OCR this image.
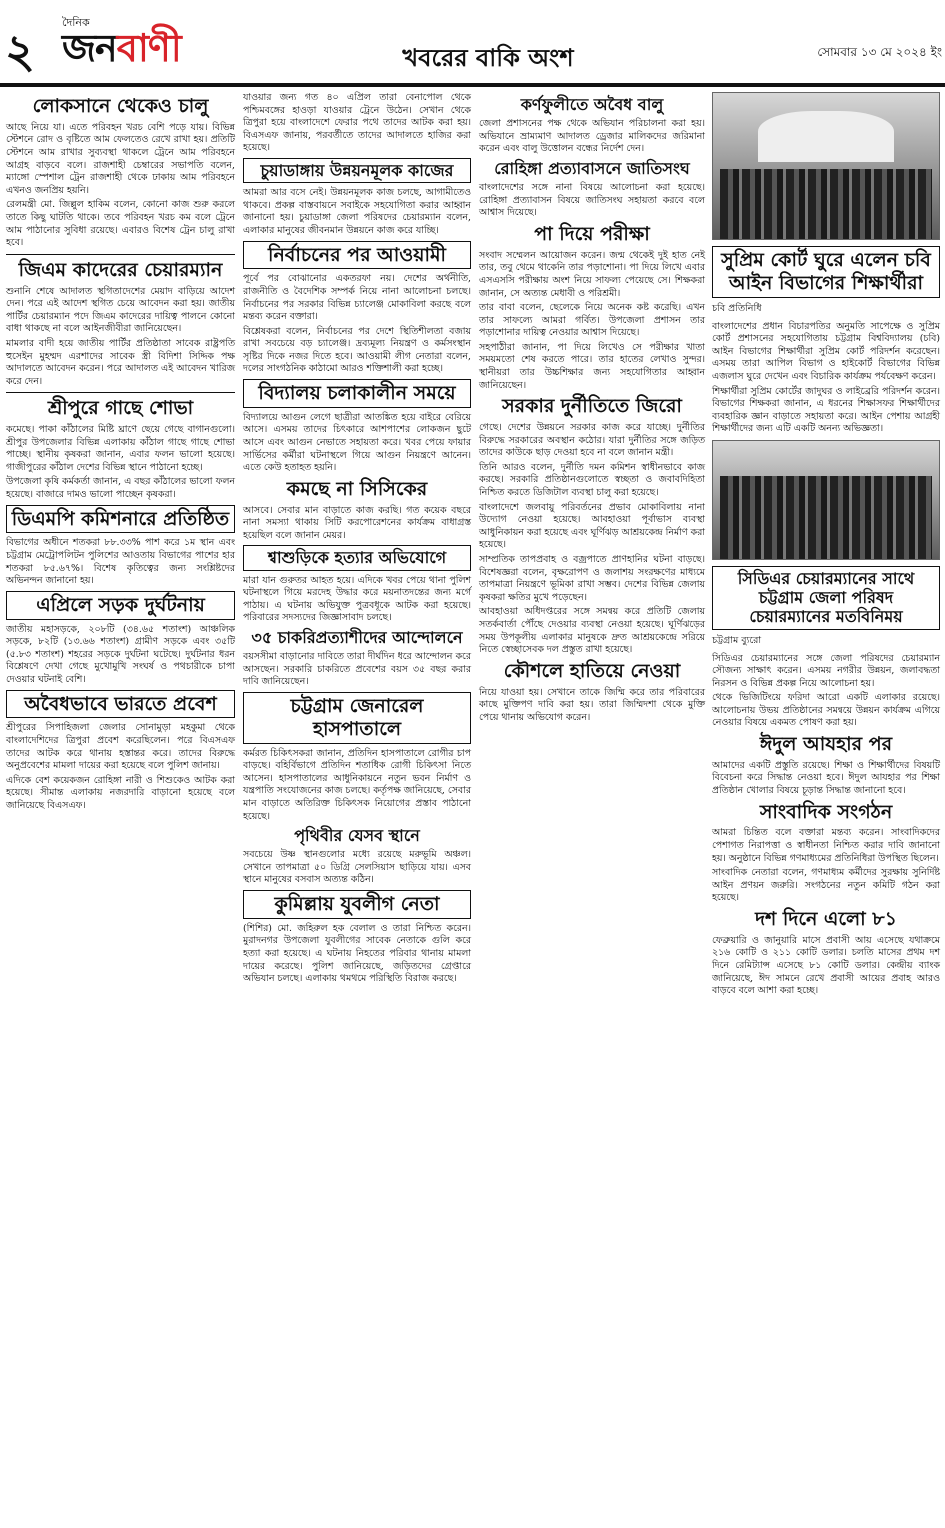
২
দৈনিক
জনবাণী	খবরের বাকি অংশ	সোমবার ১৩ মে ২০২৪ ইং
লোকসানে থেকেও চালু
আছে নিয়ে যা। এতে পরিবহন খরচ বেশি পড়ে যায়। বিভিন্ন স্টেশনে রোদ ও বৃষ্টিতে আম ফেলতেও রেখে রাখা হয়। প্রতিটি স্টেশনে আম রাখার সুব্যবস্থা থাকলে ট্রেনে আম পরিবহনে আগ্রহ বাড়বে বলে। রাজশাহী চেম্বারের সভাপতি বলেন, ম্যাঙ্গো স্পেশাল ট্রেন রাজশাহী থেকে ঢাকায় আম পরিবহনে এখনও জনপ্রিয় হয়নি।
রেলমন্ত্রী মো. জিল্লুল হাকিম বলেন, কোনো কাজ শুরু করলে তাতে কিছু ঘাটতি থাকে। তবে পরিবহন খরচ কম বলে ট্রেনে আম পাঠানোর সুবিধা রয়েছে। এবারও বিশেষ ট্রেন চালু রাখা হবে।
জিএম কাদেরের চেয়ারম্যান
শুনানি শেষে আদালত স্থগিতাদেশের মেয়াদ বাড়িয়ে আদেশ দেন। পরে এই আদেশ স্থগিত চেয়ে আবেদন করা হয়। জাতীয় পার্টির চেয়ারম্যান পদে জিএম কাদেরের দায়িত্ব পালনে কোনো বাধা থাকছে না বলে আইনজীবীরা জানিয়েছেন।
মামলার বাদী হয়ে জাতীয় পার্টির প্রতিষ্ঠাতা সাবেক রাষ্ট্রপতি হুসেইন মুহম্মদ এরশাদের সাবেক স্ত্রী বিদিশা সিদ্দিক পক্ষ আদালতে আবেদন করেন। পরে আদালত এই আবেদন খারিজ করে দেন।
শ্রীপুরে গাছে শোভা
কমেছে। পাকা কাঁঠালের মিষ্টি ঘ্রাণে ছেয়ে গেছে বাগানগুলো। শ্রীপুর উপজেলার বিভিন্ন এলাকায় কাঁঠাল গাছে গাছে শোভা পাচ্ছে। স্থানীয় কৃষকরা জানান, এবার ফলন ভালো হয়েছে। গাজীপুরের কাঁঠাল দেশের বিভিন্ন স্থানে পাঠানো হচ্ছে।
উপজেলা কৃষি কর্মকর্তা জানান, এ বছর কাঁঠালের ভালো ফলন হয়েছে। বাজারে দামও ভালো পাচ্ছেন কৃষকরা।
ডিএমপি কমিশনারে প্রতিষ্ঠিত
বিভাগের অধীনে শতকরা ৮৮.৩৩% পাশ করে ১ম স্থান এবং চট্টগ্রাম মেট্রোপলিটন পুলিশের আওতায় বিভাগের পাশের হার শতকরা ৮৫.৬৭%। বিশেষ কৃতিত্বের জন্য সংশ্লিষ্টদের অভিনন্দন জানানো হয়।
এপ্রিলে সড়ক দুর্ঘটনায়
জাতীয় মহাসড়কে, ২০৮টি (৩৪.৬৫ শতাংশ) আঞ্চলিক সড়কে, ৮২টি (১৩.৬৬ শতাংশ) গ্রামীণ সড়কে এবং ৩৫টি (৫.৮৩ শতাংশ) শহরের সড়কে দুর্ঘটনা ঘটেছে। দুর্ঘটনার ধরন বিশ্লেষণে দেখা গেছে মুখোমুখি সংঘর্ষ ও পথচারীকে চাপা দেওয়ার ঘটনাই বেশি।
অবৈধভাবে ভারতে প্রবেশ
শ্রীপুরের সিপাহিজলা জেলার সোনামুড়া মহকুমা থেকে বাংলাদেশিদের ত্রিপুরা প্রবেশ করেছিলেন। পরে বিএসএফ তাদের আটক করে থানায় হস্তান্তর করে। তাদের বিরুদ্ধে অনুপ্রবেশের মামলা দায়ের করা হয়েছে বলে পুলিশ জানায়।
এদিকে বেশ কয়েকজন রোহিঙ্গা নারী ও শিশুকেও আটক করা হয়েছে। সীমান্ত এলাকায় নজরদারি বাড়ানো হয়েছে বলে জানিয়েছে বিএসএফ।
যাওয়ার জন্য গত ৪০ এপ্রিল তারা বেনাপোল থেকে পশ্চিমবঙ্গের হাওড়া যাওয়ার ট্রেনে উঠেন। সেখান থেকে ত্রিপুরা হয়ে বাংলাদেশে ফেরার পথে তাদের আটক করা হয়। বিএসএফ জানায়, পরবর্তীতে তাদের আদালতে হাজির করা হয়েছে।
চুয়াডাঙ্গায় উন্নয়নমূলক কাজের
আমরা আর বসে নেই। উন্নয়নমূলক কাজ চলছে, আগামীতেও থাকবে। প্রকল্প বাস্তবায়নে সবাইকে সহযোগিতা করার আহ্বান জানানো হয়। চুয়াডাঙ্গা জেলা পরিষদের চেয়ারম্যান বলেন, এলাকার মানুষের জীবনমান উন্নয়নে কাজ করে যাচ্ছি।
নির্বাচনের পর আওয়ামী
পূর্বে পর বোঝানোর একতরফা নয়। দেশের অর্থনীতি, রাজনীতি ও বৈদেশিক সম্পর্ক নিয়ে নানা আলোচনা চলছে। নির্বাচনের পর সরকার বিভিন্ন চ্যালেঞ্জ মোকাবিলা করছে বলে মন্তব্য করেন বক্তারা।
বিশ্লেষকরা বলেন, নির্বাচনের পর দেশে স্থিতিশীলতা বজায় রাখা সবচেয়ে বড় চ্যালেঞ্জ। দ্রব্যমূল্য নিয়ন্ত্রণ ও কর্মসংস্থান সৃষ্টির দিকে নজর দিতে হবে। আওয়ামী লীগ নেতারা বলেন, দলের সাংগঠনিক কাঠামো আরও শক্তিশালী করা হচ্ছে।
বিদ্যালয় চলাকালীন সময়ে
বিদ্যালয়ে আগুন লেগে ছাত্রীরা আতঙ্কিত হয়ে বাইরে বেরিয়ে আসে। এসময় তাদের চিৎকারে আশপাশের লোকজন ছুটে আসে এবং আগুন নেভাতে সহায়তা করে। খবর পেয়ে ফায়ার সার্ভিসের কর্মীরা ঘটনাস্থলে গিয়ে আগুন নিয়ন্ত্রণে আনেন। এতে কেউ হতাহত হয়নি।
কমছে না সিসিকের
আসবে। সেবার মান বাড়াতে কাজ করছি। গত কয়েক বছরে নানা সমস্যা থাকায় সিটি করপোরেশনের কার্যক্রম বাধাগ্রস্ত হয়েছিল বলে জানান মেয়র।
শ্বাশুড়িকে হত্যার অভিযোগে
মারা যান গুরুতর আহত হয়ে। এদিকে খবর পেয়ে থানা পুলিশ ঘটনাস্থলে গিয়ে মরদেহ উদ্ধার করে ময়নাতদন্তের জন্য মর্গে পাঠায়। এ ঘটনায় অভিযুক্ত পুত্রবধূকে আটক করা হয়েছে। পরিবারের সদস্যদের জিজ্ঞাসাবাদ চলছে।
৩৫ চাকরিপ্রত্যাশীদের আন্দোলনে
বয়সসীমা বাড়ানোর দাবিতে তারা দীর্ঘদিন ধরে আন্দোলন করে আসছেন। সরকারি চাকরিতে প্রবেশের বয়স ৩৫ বছর করার দাবি জানিয়েছেন।
চট্টগ্রাম জেনারেল হাসপাতালে
কর্মরত চিকিৎসকরা জানান, প্রতিদিন হাসপাতালে রোগীর চাপ বাড়ছে। বহির্বিভাগে প্রতিদিন শতাধিক রোগী চিকিৎসা নিতে আসেন। হাসপাতালের আধুনিকায়নে নতুন ভবন নির্মাণ ও যন্ত্রপাতি সংযোজনের কাজ চলছে। কর্তৃপক্ষ জানিয়েছে, সেবার মান বাড়াতে অতিরিক্ত চিকিৎসক নিয়োগের প্রস্তাব পাঠানো হয়েছে।
পৃথিবীর যেসব স্থানে
সবচেয়ে উষ্ণ স্থানগুলোর মধ্যে রয়েছে মরুভূমি অঞ্চল। সেখানে তাপমাত্রা ৫০ ডিগ্রি সেলসিয়াস ছাড়িয়ে যায়। এসব স্থানে মানুষের বসবাস অত্যন্ত কঠিন।
কুমিল্লায় যুবলীগ নেতা
(শিশির) মো. জহিরুল হক বেলাল ও তারা নিশ্চিত করেন। মুরাদনগর উপজেলা যুবলীগের সাবেক নেতাকে গুলি করে হত্যা করা হয়েছে। এ ঘটনায় নিহতের পরিবার থানায় মামলা দায়ের করেছে। পুলিশ জানিয়েছে, জড়িতদের গ্রেপ্তারে অভিযান চলছে। এলাকায় থমথমে পরিস্থিতি বিরাজ করছে।
কর্ণফুলীতে অবৈধ বালু
জেলা প্রশাসনের পক্ষ থেকে অভিযান পরিচালনা করা হয়। অভিযানে ভ্রাম্যমাণ আদালত ড্রেজার মালিকদের জরিমানা করেন এবং বালু উত্তোলন বন্ধের নির্দেশ দেন।
রোহিঙ্গা প্রত্যাবাসনে জাতিসংঘ
বাংলাদেশের সঙ্গে নানা বিষয়ে আলোচনা করা হয়েছে। রোহিঙ্গা প্রত্যাবাসন বিষয়ে জাতিসংঘ সহায়তা করবে বলে আশ্বাস দিয়েছে।
পা দিয়ে পরীক্ষা
সংবাদ সম্মেলন আয়োজন করেন। জন্ম থেকেই দুই হাত নেই তার, তবু থেমে থাকেনি তার পড়াশোনা। পা দিয়ে লিখে এবার এসএসসি পরীক্ষায় অংশ নিয়ে সাফল্য পেয়েছে সে। শিক্ষকরা জানান, সে অত্যন্ত মেধাবী ও পরিশ্রমী।
তার বাবা বলেন, ছেলেকে নিয়ে অনেক কষ্ট করেছি। এখন তার সাফল্যে আমরা গর্বিত। উপজেলা প্রশাসন তার পড়াশোনার দায়িত্ব নেওয়ার আশ্বাস দিয়েছে।
সহপাঠীরা জানান, পা দিয়ে লিখেও সে পরীক্ষার খাতা সময়মতো শেষ করতে পারে। তার হাতের লেখাও সুন্দর। স্থানীয়রা তার উচ্চশিক্ষার জন্য সহযোগিতার আহ্বান জানিয়েছেন।
সরকার দুর্নীতিতে জিরো
গেছে। দেশের উন্নয়নে সরকার কাজ করে যাচ্ছে। দুর্নীতির বিরুদ্ধে সরকারের অবস্থান কঠোর। যারা দুর্নীতির সঙ্গে জড়িত তাদের কাউকে ছাড় দেওয়া হবে না বলে জানান মন্ত্রী।
তিনি আরও বলেন, দুর্নীতি দমন কমিশন স্বাধীনভাবে কাজ করছে। সরকারি প্রতিষ্ঠানগুলোতে স্বচ্ছতা ও জবাবদিহিতা নিশ্চিত করতে ডিজিটাল ব্যবস্থা চালু করা হয়েছে।
বাংলাদেশে জলবায়ু পরিবর্তনের প্রভাব মোকাবিলায় নানা উদ্যোগ নেওয়া হয়েছে। আবহাওয়া পূর্বাভাস ব্যবস্থা আধুনিকায়ন করা হয়েছে এবং ঘূর্ণিঝড় আশ্রয়কেন্দ্র নির্মাণ করা হয়েছে।
সাম্প্রতিক তাপপ্রবাহ ও বজ্রপাতে প্রাণহানির ঘটনা বাড়ছে। বিশেষজ্ঞরা বলেন, বৃক্ষরোপণ ও জলাশয় সংরক্ষণের মাধ্যমে তাপমাত্রা নিয়ন্ত্রণে ভূমিকা রাখা সম্ভব। দেশের বিভিন্ন জেলায় কৃষকরা ক্ষতির মুখে পড়েছেন।
আবহাওয়া অধিদপ্তরের সঙ্গে সমন্বয় করে প্রতিটি জেলায় সতর্কবার্তা পৌঁছে দেওয়ার ব্যবস্থা নেওয়া হয়েছে। ঘূর্ণিঝড়ের সময় উপকূলীয় এলাকার মানুষকে দ্রুত আশ্রয়কেন্দ্রে সরিয়ে নিতে স্বেচ্ছাসেবক দল প্রস্তুত রাখা হয়েছে।
কৌশলে হাতিয়ে নেওয়া
নিয়ে যাওয়া হয়। সেখানে তাকে জিম্মি করে তার পরিবারের কাছে মুক্তিপণ দাবি করা হয়। তারা জিম্মিদশা থেকে মুক্তি পেয়ে থানায় অভিযোগ করেন।
সুপ্রিম কোর্ট ঘুরে এলেন চবি আইন বিভাগের শিক্ষার্থীরা
চবি প্রতিনিধি
বাংলাদেশের প্রধান বিচারপতির অনুমতি সাপেক্ষে ও সুপ্রিম কোর্ট প্রশাসনের সহযোগিতায় চট্টগ্রাম বিশ্ববিদ্যালয় (চবি) আইন বিভাগের শিক্ষার্থীরা সুপ্রিম কোর্ট পরিদর্শন করেছেন। এসময় তারা আপিল বিভাগ ও হাইকোর্ট বিভাগের বিভিন্ন এজলাস ঘুরে দেখেন এবং বিচারিক কার্যক্রম পর্যবেক্ষণ করেন।
শিক্ষার্থীরা সুপ্রিম কোর্টের জাদুঘর ও লাইব্রেরি পরিদর্শন করেন। বিভাগের শিক্ষকরা জানান, এ ধরনের শিক্ষাসফর শিক্ষার্থীদের ব্যবহারিক জ্ঞান বাড়াতে সহায়তা করে। আইন পেশায় আগ্রহী শিক্ষার্থীদের জন্য এটি একটি অনন্য অভিজ্ঞতা।
সিডিএর চেয়ারম্যানের সাথে চট্টগ্রাম জেলা পরিষদ চেয়ারম্যানের মতবিনিময়
চট্টগ্রাম ব্যুরো
সিডিএর চেয়ারম্যানের সঙ্গে জেলা পরিষদের চেয়ারম্যান সৌজন্য সাক্ষাৎ করেন। এসময় নগরীর উন্নয়ন, জলাবদ্ধতা নিরসন ও বিভিন্ন প্রকল্প নিয়ে আলোচনা হয়।
থেকে ভিজিটিংয়ে ফরিদা আরো একটি এলাকার রয়েছে। আলোচনায় উভয় প্রতিষ্ঠানের সমন্বয়ে উন্নয়ন কার্যক্রম এগিয়ে নেওয়ার বিষয়ে একমত পোষণ করা হয়।
ঈদুল আযহার পর
আমাদের একটি প্রস্তুতি রয়েছে। শিক্ষা ও শিক্ষার্থীদের বিষয়টি বিবেচনা করে সিদ্ধান্ত নেওয়া হবে। ঈদুল আযহার পর শিক্ষা প্রতিষ্ঠান খোলার বিষয়ে চূড়ান্ত সিদ্ধান্ত জানানো হবে।
সাংবাদিক সংগঠন
আমরা চিন্তিত বলে বক্তারা মন্তব্য করেন। সাংবাদিকদের পেশাগত নিরাপত্তা ও স্বাধীনতা নিশ্চিত করার দাবি জানানো হয়। অনুষ্ঠানে বিভিন্ন গণমাধ্যমের প্রতিনিধিরা উপস্থিত ছিলেন।
সাংবাদিক নেতারা বলেন, গণমাধ্যম কর্মীদের সুরক্ষায় সুনির্দিষ্ট আইন প্রণয়ন জরুরি। সংগঠনের নতুন কমিটি গঠন করা হয়েছে।
দশ দিনে এলো ৮১
ফেব্রুয়ারি ও জানুয়ারি মাসে প্রবাসী আয় এসেছে যথাক্রমে ২১৬ কোটি ও ২১১ কোটি ডলার। চলতি মাসের প্রথম দশ দিনে রেমিট্যান্স এসেছে ৮১ কোটি ডলার। কেন্দ্রীয় ব্যাংক জানিয়েছে, ঈদ সামনে রেখে প্রবাসী আয়ের প্রবাহ আরও বাড়বে বলে আশা করা হচ্ছে।
